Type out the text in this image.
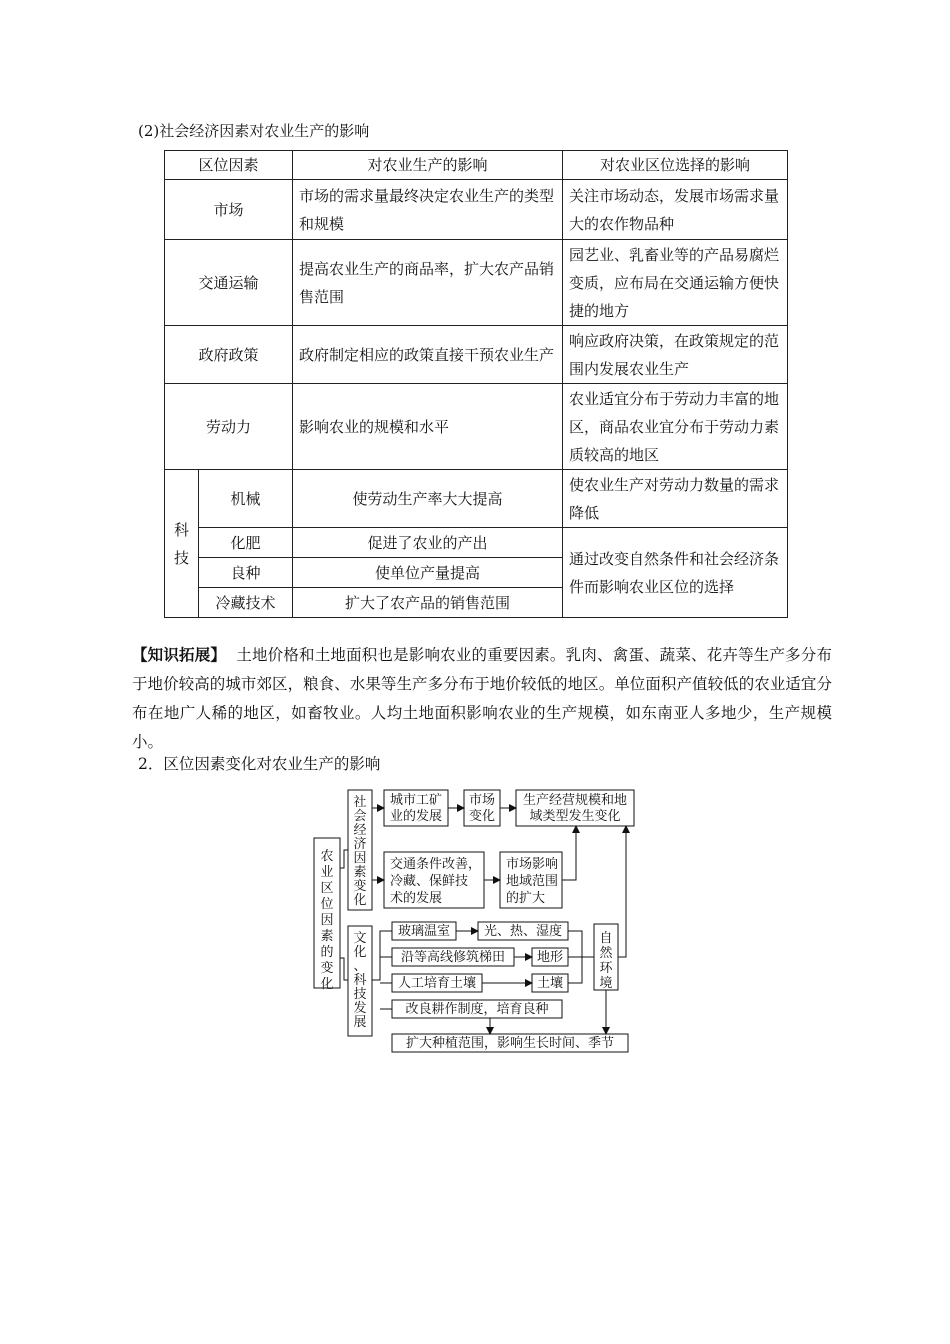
(2)社会经济因素对农业生产的影响
区位因素		对农业生产的影响	对农业区位选择的影响
市场		市场的需求量最终决定农业生产的类型和规模	关注市场动态，发展市场需求量大的农作物品种
交通运输		提高农业生产的商品率，扩大农产品销售范围	园艺业、乳畜业等的产品易腐烂变质，应布局在交通运输方便快捷的地方
政府政策		政府制定相应的政策直接干预农业生产	响应政府决策，在政策规定的范围内发展农业生产
劳动力		影响农业的规模和水平	农业适宜分布于劳动力丰富的地区，商品农业宜分布于劳动力素质较高的地区

科技	机械	使劳动生产率大大提高	使农业生产对劳动力数量的需求降低
	化肥	促进了农业的产出	通过改变自然条件和社会经济条件而影响农业区位的选择
	良种	使单位产量提高	
	冷藏技术	扩大了农产品的销售范围	
【知识拓展】 土地价格和土地面积也是影响农业的重要因素。乳肉、禽蛋、蔬菜、花卉等生产多分布于地价较高的城市郊区，粮食、水果等生产多分布于地价较低的地区。单位面积产值较低的农业适宜分布在地广人稀的地区，如畜牧业。人均土地面积影响农业的生产规模，如东南亚人多地少，生产规模小。
2．区位因素变化对农业生产的影响
农
业
区
位
因
素
的
变
化
社
会
经
济
因
素
变
化
文
化
、
科
技
发
展
城市工矿
业的发展
市场
变化
生产经营规模和地
域类型发生变化
交通条件改善，
冷藏、保鲜技
术的发展
市场影响
地域范围
的扩大
玻璃温室	光、热、湿度
沿等高线修筑梯田 地形
人工培育土壤	土壤
自
然
环
境
改良耕作制度，培育良种
扩大种植范围，影响生长时间、季节
